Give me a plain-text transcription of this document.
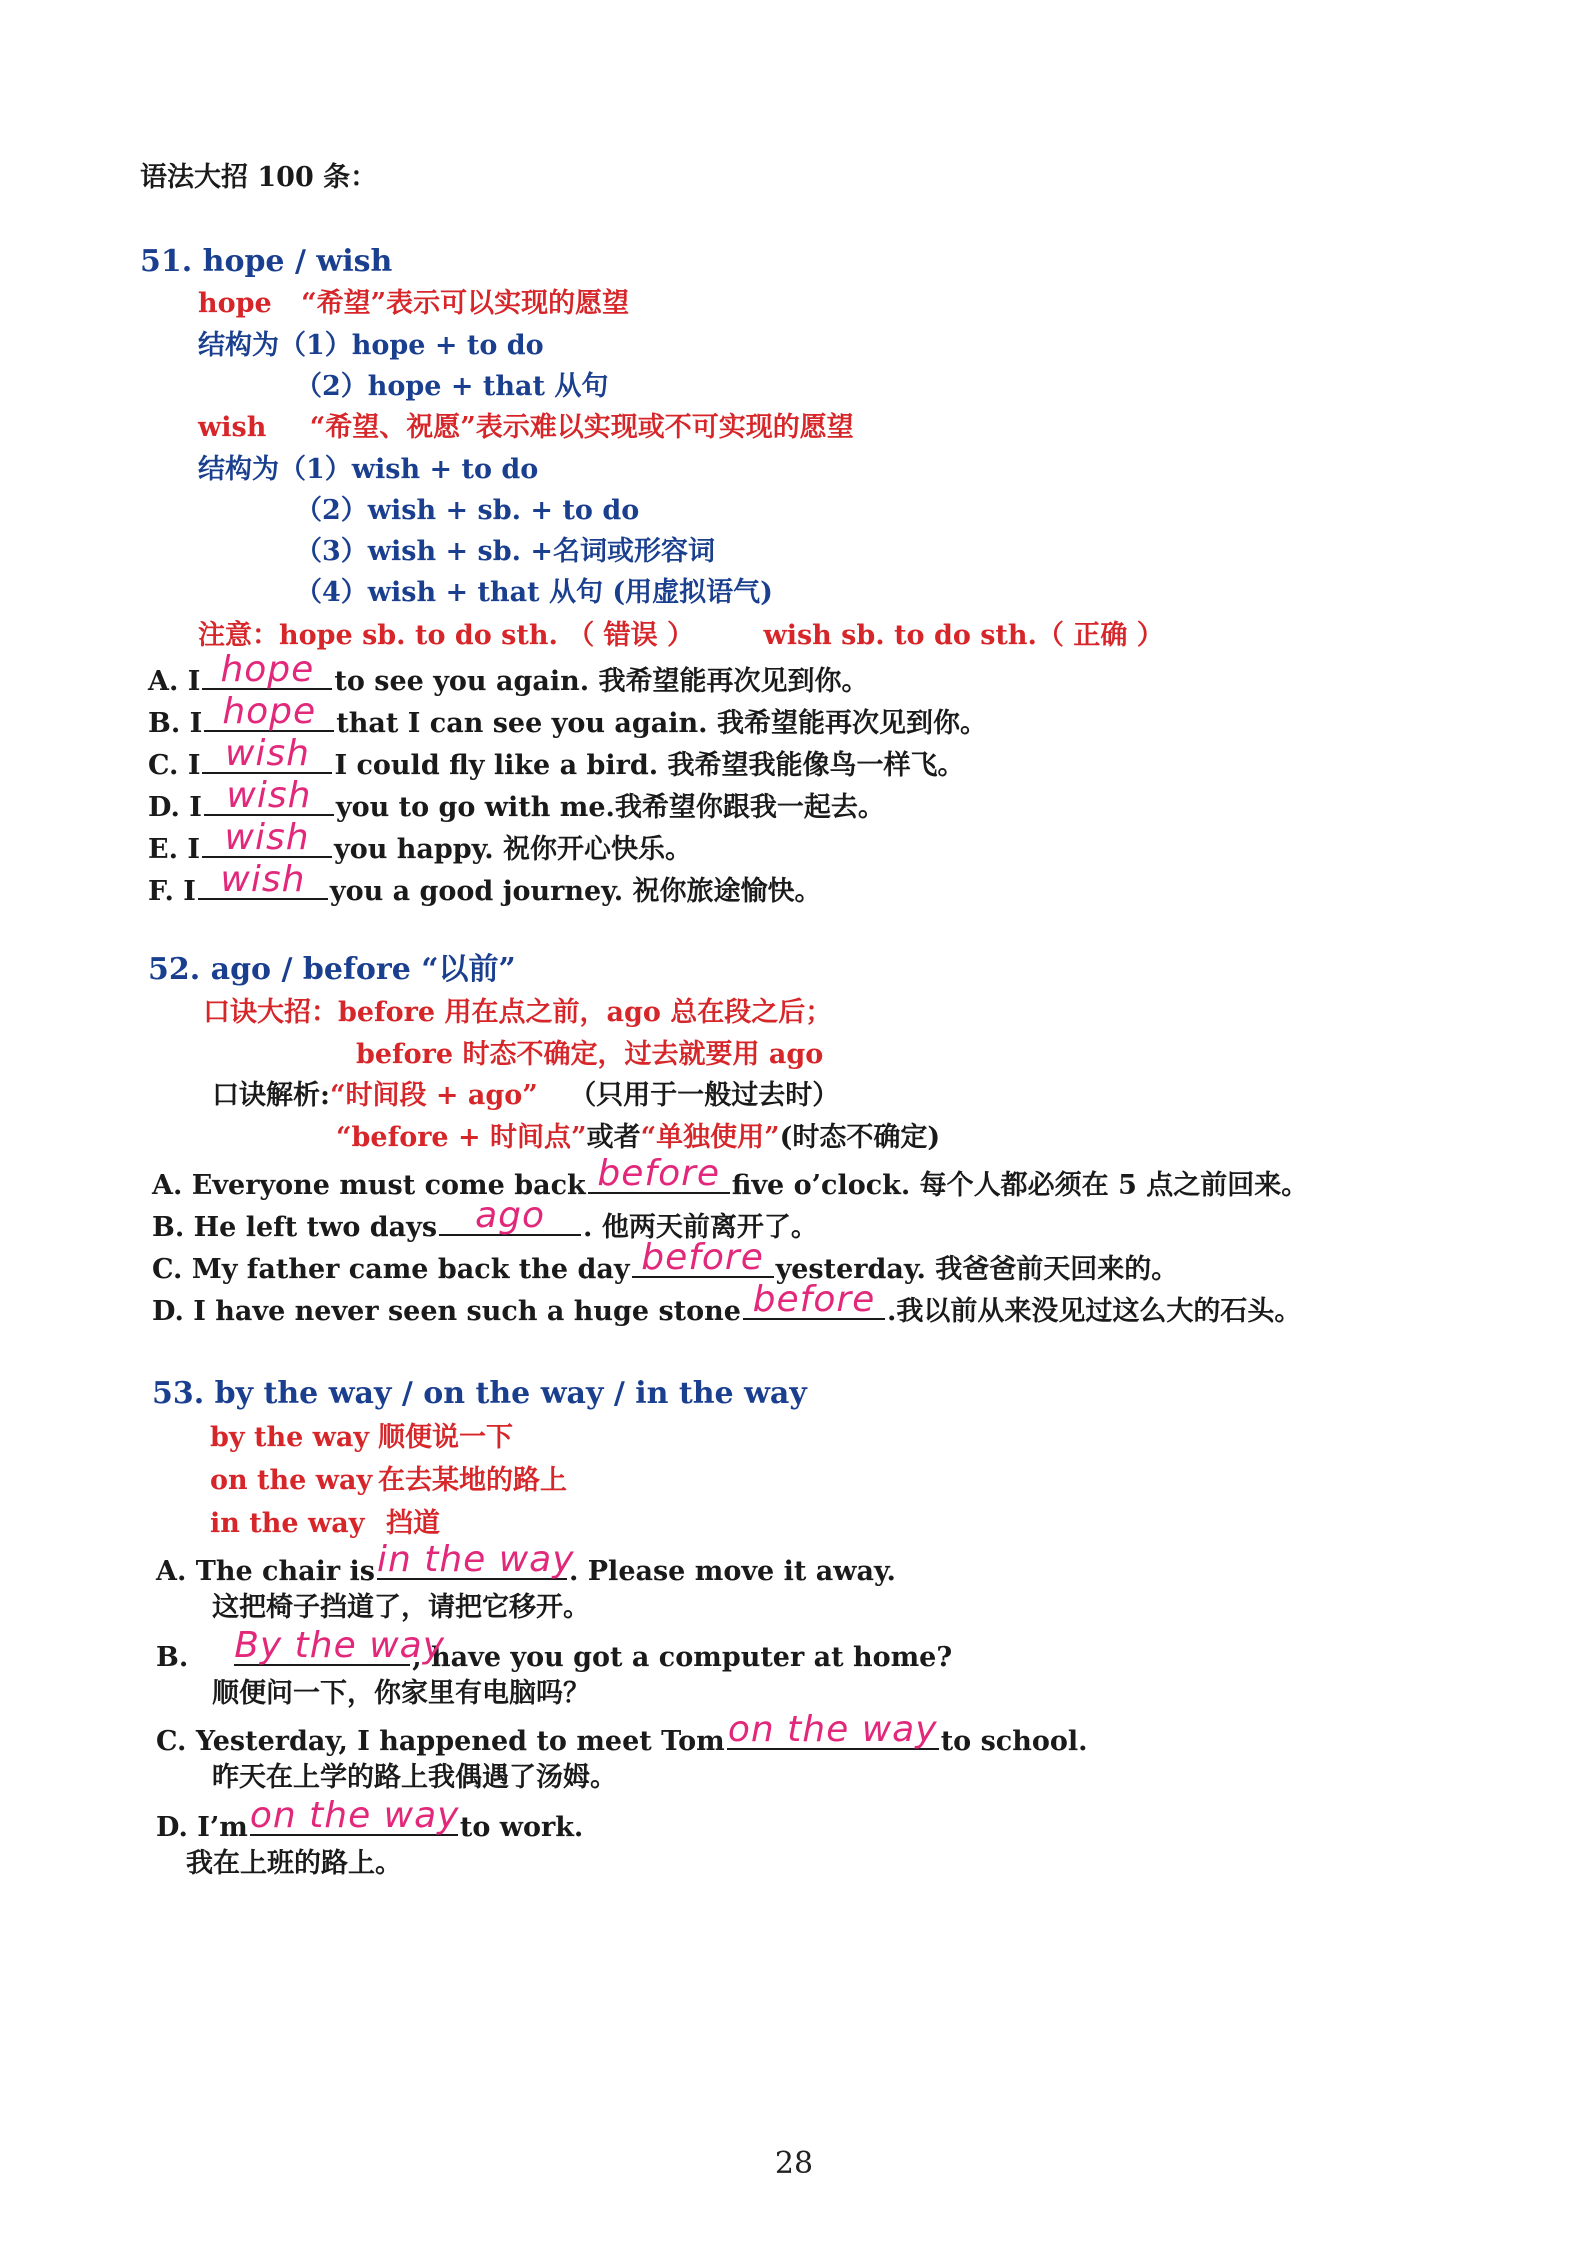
语法大招 100 条：
51. hope / wish
hope “希望”表示可以实现的愿望
结构为（1）hope + to do
（2）hope + that 从句
wish “希望、祝愿”表示难以实现或不可实现的愿望
结构为（1）wish + to do
（2）wish + sb. + to do
（3）wish + sb. +名词或形容词
（4）wish + that 从句 (用虚拟语气)
注意：hope sb. to do sth. （ 错误 ）	wish sb. to do sth.（ 正确 ）
A. I hope to see you again. 我希望能再次见到你。
B. I hope that I can see you again. 我希望能再次见到你。
C. I wish I could fly like a bird. 我希望我能像鸟一样飞。
D. I wish you to go with me.我希望你跟我一起去。
E. I wish you happy. 祝你开心快乐。
F. I wish you a good journey. 祝你旅途愉快。
52. ago / before “以前”
口诀大招：before 用在点之前，ago 总在段之后；
before 时态不确定，过去就要用 ago
口诀解析:“时间段 + ago” （只用于一般过去时）
“before + 时间点”或者“单独使用”(时态不确定)
A. Everyone must come back before five o’clock. 每个人都必须在 5 点之前回来。
B. He left two days	ago	. 他两天前离开了。
C. My father came back the day before yesterday. 我爸爸前天回来的。
D. I have never seen such a huge stone before .我以前从来没见过这么大的石头。
53. by the way / on the way / in the way
by the way 顺便说一下
on the way 在去某地的路上
in the way 挡道
A. The chair is in the way
. Please move it away.
这把椅子挡道了，请把它移开。
B. By the way
, have you got a computer at home?
顺便问一下，你家里有电脑吗？
C. Yesterday, I happened to meet Tom on the way to school.
昨天在上学的路上我偶遇了汤姆。
D. I’m on the way to work.
我在上班的路上。
28
